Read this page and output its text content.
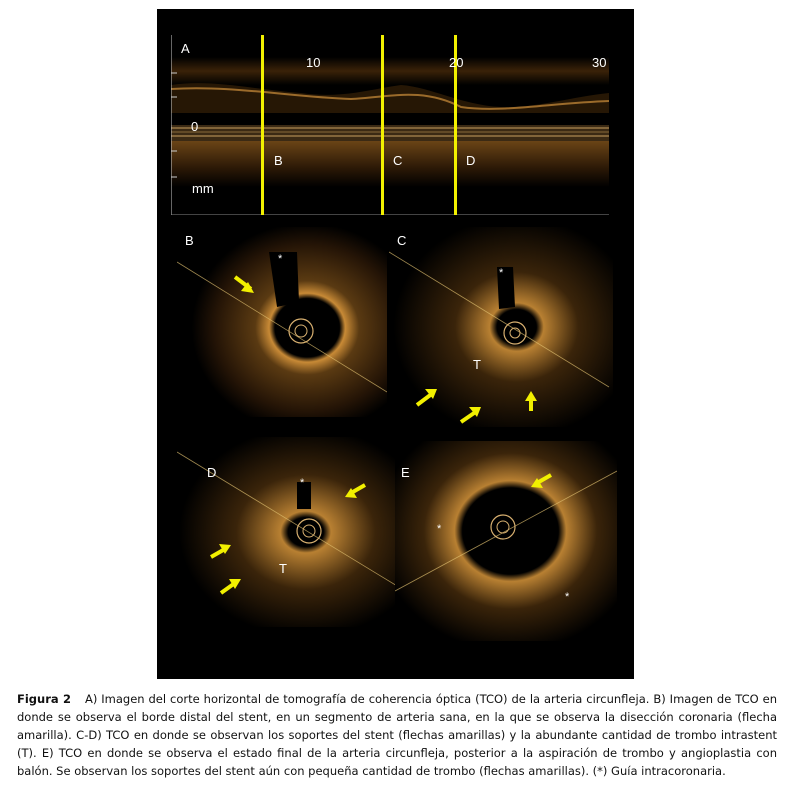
A
10	20	30
0
mm
B	C	D
B
*
C
*
T
D
*
T
E
*
*
Figura 2 A) Imagen del corte horizontal de tomografía de coherencia óptica (TCO) de la arteria circunfleja. B) Imagen de TCO en donde se observa el borde distal del stent, en un segmento de arteria sana, en la que se observa la disección coronaria (flecha amarilla). C-D) TCO en donde se observan los soportes del stent (flechas amarillas) y la abundante cantidad de trombo intrastent (T). E) TCO en donde se observa el estado final de la arteria circunfleja, posterior a la aspiración de trombo y angioplastia con balón. Se observan los soportes del stent aún con pequeña cantidad de trombo (flechas amarillas). (*) Guía intracoronaria.
